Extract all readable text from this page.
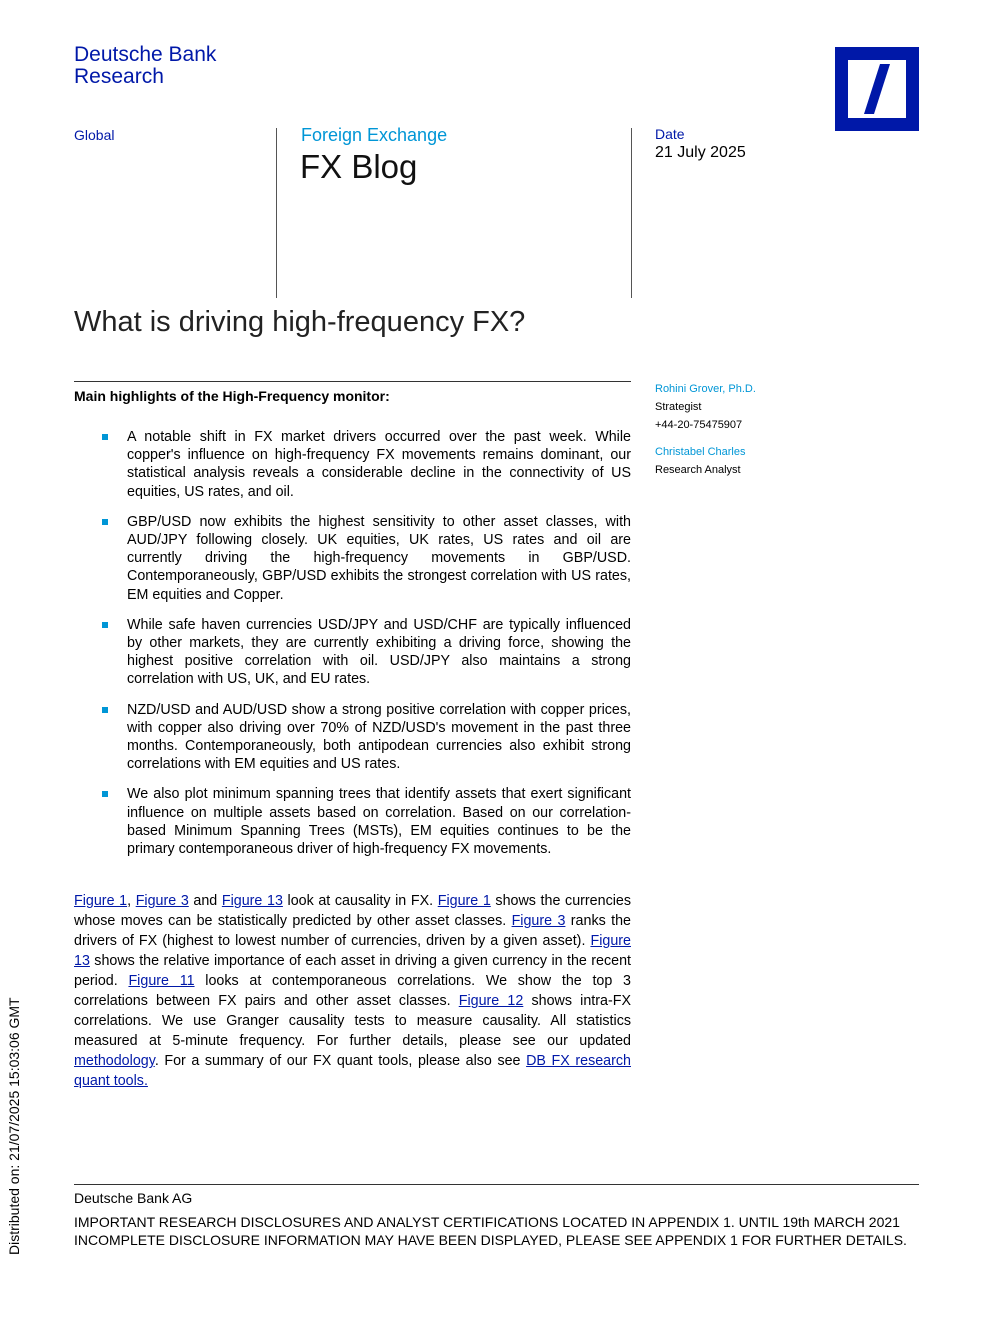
Deutsche Bank
Research
Global	Foreign Exchange
FX Blog
Date
21 July 2025
What is driving high-frequency FX?
Main highlights of the High-Frequency monitor:
A notable shift in FX market drivers occurred over the past week. While copper's influence on high-frequency FX movements remains dominant, our statistical analysis reveals a considerable decline in the connectivity of US equities, US rates, and oil.
GBP/USD now exhibits the highest sensitivity to other asset classes, with AUD/JPY following closely. UK equities, UK rates, US rates and oil are currently driving the high-frequency movements in GBP/USD. Contemporaneously, GBP/USD exhibits the strongest correlation with US rates, EM equities and Copper.
While safe haven currencies USD/JPY and USD/CHF are typically influenced by other markets, they are currently exhibiting a driving force, showing the highest positive correlation with oil. USD/JPY also maintains a strong correlation with US, UK, and EU rates.
NZD/USD and AUD/USD show a strong positive correlation with copper prices, with copper also driving over 70% of NZD/USD's movement in the past three months. Contemporaneously, both antipodean currencies also exhibit strong correlations with EM equities and US rates.
We also plot minimum spanning trees that identify assets that exert significant influence on multiple assets based on correlation. Based on our correlation-based Minimum Spanning Trees (MSTs), EM equities continues to be the primary contemporaneous driver of high-frequency FX movements.

Figure 1, Figure 3 and Figure 13 look at causality in FX. Figure 1 shows the currencies whose moves can be statistically predicted by other asset classes. Figure 3 ranks the drivers of FX (highest to lowest number of currencies, driven by a given asset). Figure 13 shows the relative importance of each asset in driving a given currency in the recent period. Figure 11 looks at contemporaneous correlations. We show the top 3 correlations between FX pairs and other asset classes. Figure 12 shows intra-FX correlations. We use Granger causality tests to measure causality. All statistics measured at 5-minute frequency. For further details, please see our updated methodology. For a summary of our FX quant tools, please also see DB FX research quant tools.

Rohini Grover, Ph.D.
Strategist
+44-20-75475907
Christabel Charles
Research Analyst
Deutsche Bank AG

IMPORTANT RESEARCH DISCLOSURES AND ANALYST CERTIFICATIONS LOCATED IN APPENDIX 1. UNTIL 19th MARCH 2021 INCOMPLETE DISCLOSURE INFORMATION MAY HAVE BEEN DISPLAYED, PLEASE SEE APPENDIX 1 FOR FURTHER DETAILS.

Distributed on: 21/07/2025 15:03:06 GMT
